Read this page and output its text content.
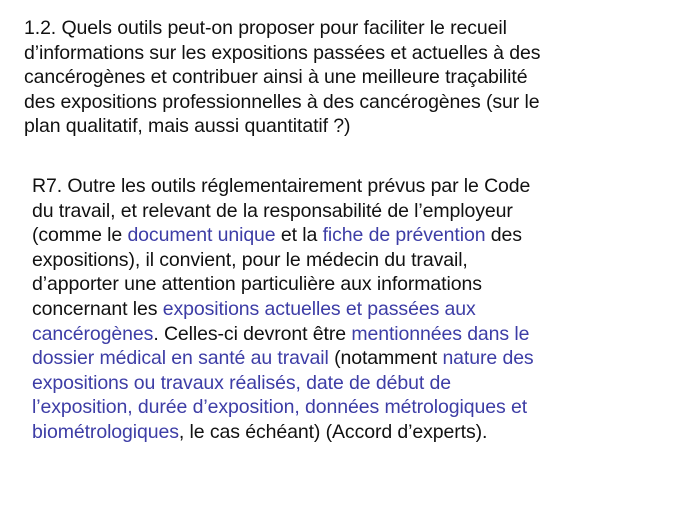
1.2. Quels outils peut-on proposer pour faciliter le recueil
d’informations sur les expositions passées et actuelles à des
cancérogènes et contribuer ainsi à une meilleure traçabilité
des expositions professionnelles à des cancérogènes (sur le
plan qualitatif, mais aussi quantitatif ?)
R7. Outre les outils réglementairement prévus par le Code
du travail, et relevant de la responsabilité de l’employeur
(comme le document unique et la fiche de prévention des
expositions), il convient, pour le médecin du travail,
d’apporter une attention particulière aux informations
concernant les expositions actuelles et passées aux
cancérogènes. Celles-ci devront être mentionnées dans le
dossier médical en santé au travail (notamment nature des
expositions ou travaux réalisés, date de début de
l’exposition, durée d’exposition, données métrologiques et
biométrologiques, le cas échéant) (Accord d’experts).
